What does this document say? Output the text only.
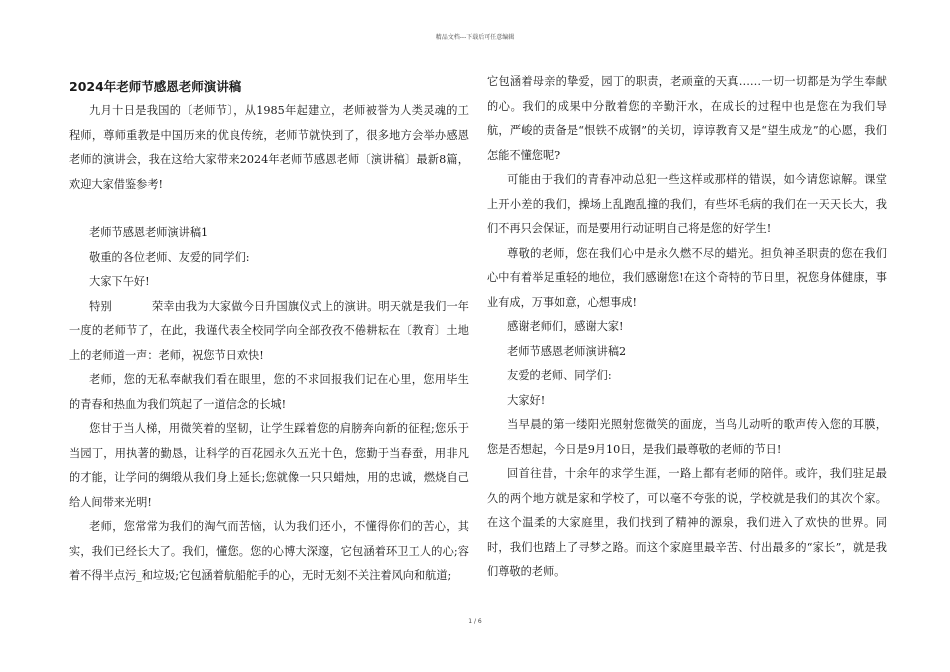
精品文档---下载后可任意编辑
2024年老师节感恩老师演讲稿

九月十日是我国的〔老师节〕，从1985年起建立，老师被誉为人类灵魂的工程师，尊师重教是中国历来的优良传统，老师节就快到了，很多地方会举办感恩老师的演讲会，我在这给大家带来2024年老师节感恩老师〔演讲稿〕最新8篇，欢迎大家借鉴参考!

老师节感恩老师演讲稿1

敬重的各位老师、友爱的同学们:

大家下午好!

特别	荣幸由我为大家做今日升国旗仪式上的演讲。明天就是我们一年一度的老师节了，在此，我谨代表全校同学向全部孜孜不倦耕耘在〔教育〕土地上的老师道一声：老师，祝您节日欢快!

老师，您的无私奉献我们看在眼里，您的不求回报我们记在心里，您用毕生的青春和热血为我们筑起了一道信念的长城!

您甘于当人梯，用微笑着的坚韧，让学生踩着您的肩膀奔向新的征程;您乐于当园丁，用执著的勤恳，让科学的百花园永久五光十色，您勤于当春蚕，用非凡的才能，让学问的绸缎从我们身上延长;您就像一只只蜡烛，用的忠诚，燃烧自己给人间带来光明!

老师，您常常为我们的淘气而苦恼，认为我们还小，不懂得你们的苦心，其实，我们已经长大了。我们，懂您。您的心博大深邃，它包涵着环卫工人的心;容着不得半点污_和垃圾;它包涵着航船舵手的心，无时无刻不关注着风向和航道;

它包涵着母亲的挚爱，园丁的职责，老顽童的天真……一切一切都是为学生奉献的心。我们的成果中分散着您的辛勤汗水，在成长的过程中也是您在为我们导航，严峻的责备是“恨铁不成钢”的关切，谆谆教育又是“望生成龙”的心愿，我们怎能不懂您呢?

可能由于我们的青春冲动总犯一些这样或那样的错误，如今请您谅解。课堂上开小差的我们，操场上乱跑乱撞的我们，有些坏毛病的我们在一天天长大，我们不再只会保证，而是要用行动证明自己将是您的好学生!

尊敬的老师，您在我们心中是永久燃不尽的蜡光。担负神圣职责的您在我们心中有着举足重轻的地位，我们感谢您!在这个奇特的节日里，祝您身体健康，事业有成，万事如意，心想事成!

感谢老师们，感谢大家!

老师节感恩老师演讲稿2

友爱的老师、同学们:

大家好!

当早晨的第一缕阳光照射您微笑的面庞，当鸟儿动听的歌声传入您的耳膜，您是否想起，今日是9月10日，是我们最尊敬的老师的节日!

回首往昔，十余年的求学生涯，一路上都有老师的陪伴。或许，我们驻足最久的两个地方就是家和学校了，可以毫不夸张的说，学校就是我们的其次个家。在这个温柔的大家庭里，我们找到了精神的源泉，我们进入了欢快的世界。同时，我们也踏上了寻梦之路。而这个家庭里最辛苦、付出最多的“家长”，就是我们尊敬的老师。

1 / 6
